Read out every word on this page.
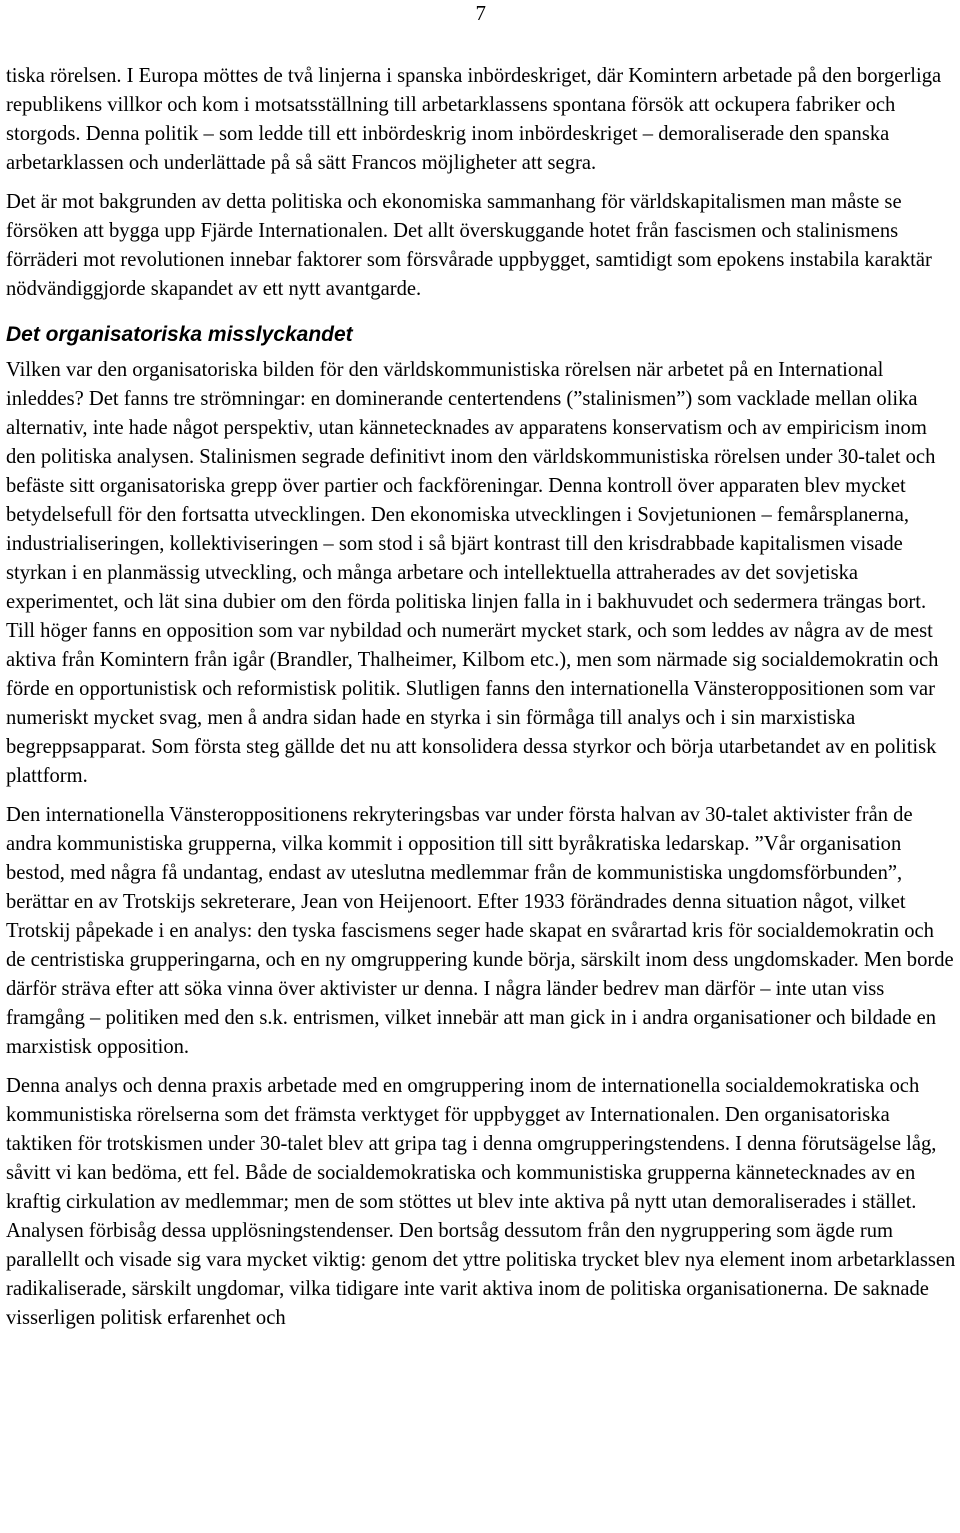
7

tiska rörelsen. I Europa möttes de två linjerna i spanska inbördeskriget, där Komintern arbetade på den borgerliga republikens villkor och kom i motsatsställning till arbetarklassens spontana försök att ockupera fabriker och storgods. Denna politik – som ledde till ett inbördeskrig inom inbördeskriget – demoraliserade den spanska arbetarklassen och underlättade på så sätt Francos möjligheter att segra.

Det är mot bakgrunden av detta politiska och ekonomiska sammanhang för världskapitalismen man måste se försöken att bygga upp Fjärde Internationalen. Det allt överskuggande hotet från fascismen och stalinismens förräderi mot revolutionen innebar faktorer som försvårade uppbygget, samtidigt som epokens instabila karaktär nödvändiggjorde skapandet av ett nytt avantgarde.

Det organisatoriska misslyckandet

Vilken var den organisatoriska bilden för den världskommunistiska rörelsen när arbetet på en International inleddes? Det fanns tre strömningar: en dominerande centertendens (”stalinismen”) som vacklade mellan olika alternativ, inte hade något perspektiv, utan kännetecknades av apparatens konservatism och av empiricism inom den politiska analysen. Stalinismen segrade definitivt inom den världskommunistiska rörelsen under 30-talet och befäste sitt organisatoriska grepp över partier och fackföreningar. Denna kontroll över apparaten blev mycket betydelsefull för den fortsatta utvecklingen. Den ekonomiska utvecklingen i Sovjetunionen – femårsplanerna, industrialiseringen, kollektiviseringen – som stod i så bjärt kontrast till den krisdrabbade kapitalismen visade styrkan i en planmässig utveckling, och många arbetare och intellektuella attraherades av det sovjetiska experimentet, och lät sina dubier om den förda politiska linjen falla in i bakhuvudet och sedermera trängas bort. Till höger fanns en opposition som var nybildad och numerärt mycket stark, och som leddes av några av de mest aktiva från Komintern från igår (Brandler, Thalheimer, Kilbom etc.), men som närmade sig socialdemokratin och förde en opportunistisk och reformistisk politik. Slutligen fanns den internationella Vänsteroppositionen som var numeriskt mycket svag, men å andra sidan hade en styrka i sin förmåga till analys och i sin marxistiska begreppsapparat. Som första steg gällde det nu att konsolidera dessa styrkor och börja utarbetandet av en politisk plattform.

Den internationella Vänsteroppositionens rekryteringsbas var under första halvan av 30-talet aktivister från de andra kommunistiska grupperna, vilka kommit i opposition till sitt byråkratiska ledarskap. ”Vår organisation bestod, med några få undantag, endast av uteslutna medlemmar från de kommunistiska ungdomsförbunden”, berättar en av Trotskijs sekreterare, Jean von Heijenoort. Efter 1933 förändrades denna situation något, vilket Trotskij påpekade i en analys: den tyska fascismens seger hade skapat en svårartad kris för socialdemokratin och de centristiska grupperingarna, och en ny omgruppering kunde börja, särskilt inom dess ungdomskader. Men borde därför sträva efter att söka vinna över aktivister ur denna. I några länder bedrev man därför – inte utan viss framgång – politiken med den s.k. entrismen, vilket innebär att man gick in i andra organisationer och bildade en marxistisk opposition.

Denna analys och denna praxis arbetade med en omgruppering inom de internationella socialdemokratiska och kommunistiska rörelserna som det främsta verktyget för uppbygget av Internationalen. Den organisatoriska taktiken för trotskismen under 30-talet blev att gripa tag i denna omgrupperingstendens. I denna förutsägelse låg, såvitt vi kan bedöma, ett fel. Både de socialdemokratiska och kommunistiska grupperna kännetecknades av en kraftig cirkulation av medlemmar; men de som stöttes ut blev inte aktiva på nytt utan demoraliserades i stället. Analysen förbisåg dessa upplösningstendenser. Den bortsåg dessutom från den nygruppering som ägde rum parallellt och visade sig vara mycket viktig: genom det yttre politiska trycket blev nya element inom arbetarklassen radikaliserade, särskilt ungdomar, vilka tidigare inte varit aktiva inom de politiska organisationerna. De saknade visserligen politisk erfarenhet och
